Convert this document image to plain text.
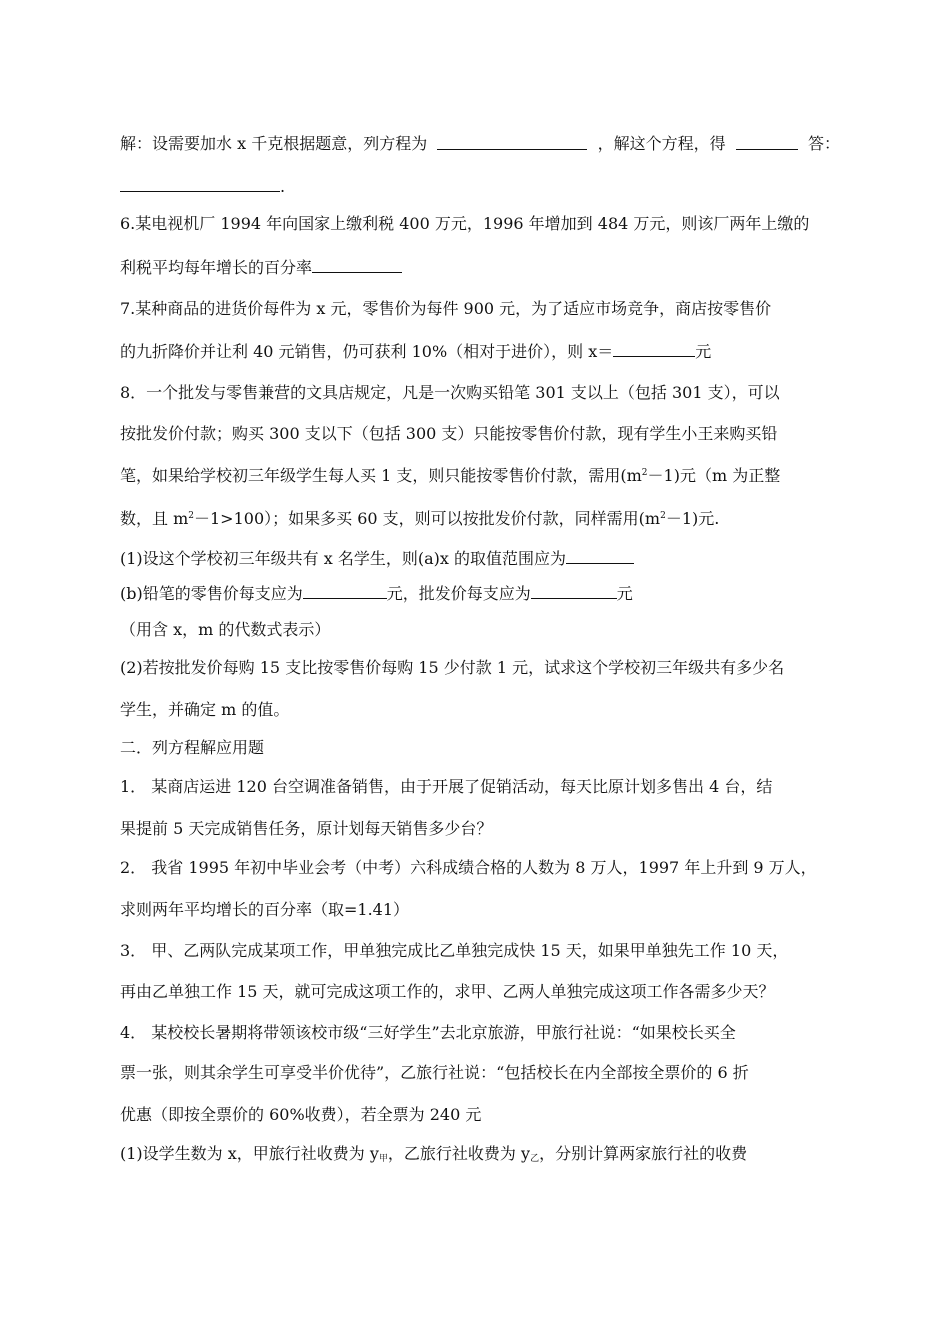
解：设需要加水 x 千克根据题意，列方程为	，解这个方程，得	答：
.
6.某电视机厂 1994 年向国家上缴利税 400 万元，1996 年增加到 484 万元，则该厂两年上缴的
利税平均每年增长的百分率
7.某种商品的进货价每件为 x 元，零售价为每件 900 元，为了适应市场竞争，商店按零售价
的九折降价并让利 40 元销售，仍可获利 10%（相对于进价），则 x＝	元
8．一个批发与零售兼营的文具店规定，凡是一次购买铅笔 301 支以上（包括 301 支），可以
按批发价付款；购买 300 支以下（包括 300 支）只能按零售价付款，现有学生小王来购买铅
笔，如果给学校初三年级学生每人买 1 支，则只能按零售价付款，需用$(m^2-1)$元（m 为正整
数，且 $m^2-1>100$）；如果多买 60 支，则可以按批发价付款，同样需用$(m^2-1)$元.
(1)设这个学校初三年级共有 x 名学生，则(a)x 的取值范围应为
(b)铅笔的零售价每支应为	元，批发价每支应为	元
（用含 x，m 的代数式表示）
(2)若按批发价每购 15 支比按零售价每购 15 少付款 1 元，试求这个学校初三年级共有多少名
学生，并确定 m 的值。
二．列方程解应用题
1． 某商店运进 120 台空调准备销售，由于开展了促销活动，每天比原计划多售出 4 台，结
果提前 5 天完成销售任务，原计划每天销售多少台？
2． 我省 1995 年初中毕业会考（中考）六科成绩合格的人数为 8 万人，1997 年上升到 9 万人，
求则两年平均增长的百分率（取=1.41）
3． 甲、乙两队完成某项工作，甲单独完成比乙单独完成快 15 天，如果甲单独先工作 10 天，
再由乙单独工作 15 天，就可完成这项工作的，求甲、乙两人单独完成这项工作各需多少天？
4． 某校校长暑期将带领该校市级“三好学生”去北京旅游，甲旅行社说：“如果校长买全
票一张，则其余学生可享受半价优待”，乙旅行社说：“包括校长在内全部按全票价的 6 折
优惠（即按全票价的 60%收费），若全票为 240 元
(1)设学生数为 x，甲旅行社收费为 $y_甲$，乙旅行社收费为 $y_乙$，分别计算两家旅行社的收费
